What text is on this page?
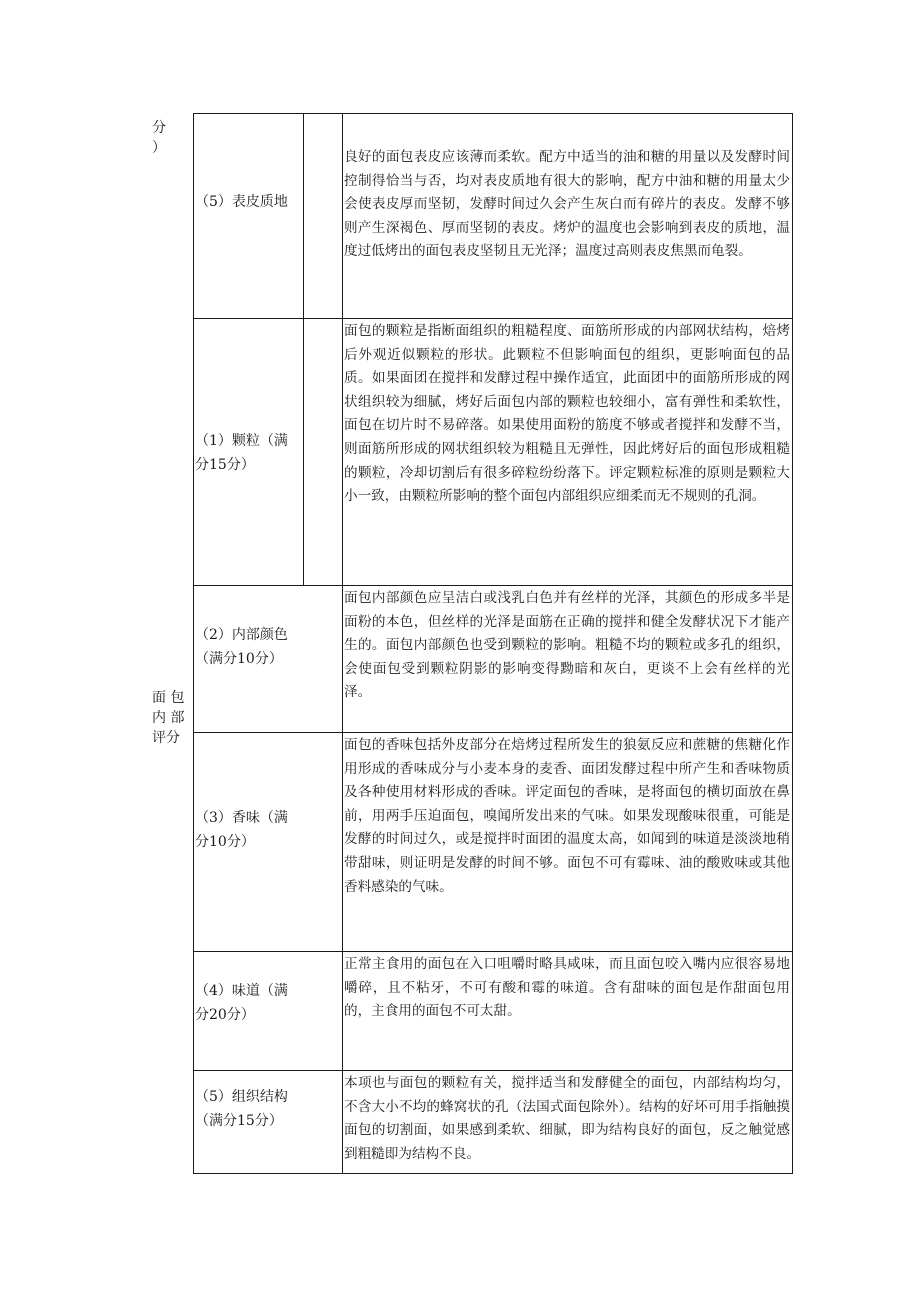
分
）
面 包
内 部
评分
（5）表皮质地
良好的面包表皮应该薄而柔软。配方中适当的油和糖的用量以及发酵时间控制得恰当与否，均对表皮质地有很大的影响，配方中油和糖的用量太少会使表皮厚而坚韧，发酵时间过久会产生灰白而有碎片的表皮。发酵不够则产生深褐色、厚而坚韧的表皮。烤炉的温度也会影响到表皮的质地，温度过低烤出的面包表皮坚韧且无光泽；温度过高则表皮焦黑而龟裂。
（1）颗粒（满分15分）
面包的颗粒是指断面组织的粗糙程度、面筋所形成的内部网状结构，焙烤后外观近似颗粒的形状。此颗粒不但影响面包的组织，更影响面包的品质。如果面团在搅拌和发酵过程中操作适宜，此面团中的面筋所形成的网状组织较为细腻，烤好后面包内部的颗粒也较细小，富有弹性和柔软性，面包在切片时不易碎落。如果使用面粉的筋度不够或者搅拌和发酵不当，则面筋所形成的网状组织较为粗糙且无弹性，因此烤好后的面包形成粗糙的颗粒，冷却切割后有很多碎粒纷纷落下。评定颗粒标准的原则是颗粒大小一致，由颗粒所影响的整个面包内部组织应细柔而无不规则的孔洞。
（2）内部颜色（满分10分）
面包内部颜色应呈洁白或浅乳白色并有丝样的光泽，其颜色的形成多半是面粉的本色，但丝样的光泽是面筋在正确的搅拌和健全发酵状况下才能产生的。面包内部颜色也受到颗粒的影响。粗糙不均的颗粒或多孔的组织，会使面包受到颗粒阴影的影响变得黝暗和灰白，更谈不上会有丝样的光泽。
（3）香味（满分10分）
面包的香味包括外皮部分在焙烤过程所发生的狼氨反应和蔗糖的焦糖化作用形成的香味成分与小麦本身的麦香、面团发酵过程中所产生和香味物质及各种使用材料形成的香味。评定面包的香味，是将面包的横切面放在鼻前，用两手压迫面包，嗅闻所发出来的气味。如果发现酸味很重，可能是发酵的时间过久，或是搅拌时面团的温度太高，如闻到的味道是淡淡地稍带甜味，则证明是发酵的时间不够。面包不可有霉味、油的酸败味或其他香料感染的气味。
（4）味道（满分20分）
正常主食用的面包在入口咀嚼时略具咸味，而且面包咬入嘴内应很容易地嚼碎，且不粘牙，不可有酸和霉的味道。含有甜味的面包是作甜面包用的，主食用的面包不可太甜。
（5）组织结构（满分15分）
本项也与面包的颗粒有关，搅拌适当和发酵健全的面包，内部结构均匀，不含大小不均的蜂窝状的孔（法国式面包除外）。结构的好坏可用手指触摸面包的切割面，如果感到柔软、细腻，即为结构良好的面包，反之触觉感到粗糙即为结构不良。
